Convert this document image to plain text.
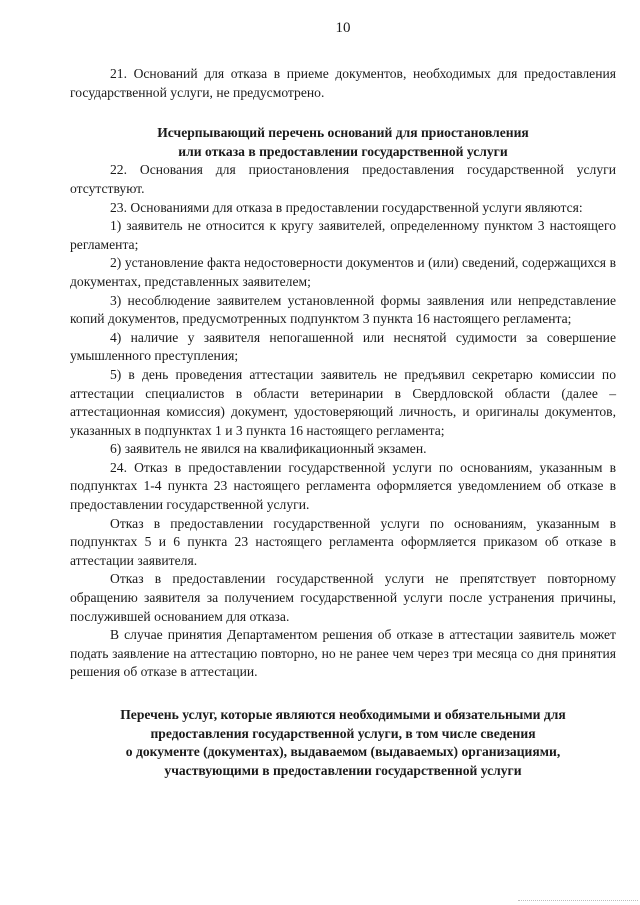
10

21. Оснований для отказа в приеме документов, необходимых для предоставления государственной услуги, не предусмотрено.

Исчерпывающий перечень оснований для приостановления
или отказа в предоставлении государственной услуги

22. Основания для приостановления предоставления государственной услуги отсутствуют.

23. Основаниями для отказа в предоставлении государственной услуги являются:

1) заявитель не относится к кругу заявителей, определенному пунктом 3 настоящего регламента;

2) установление факта недостоверности документов и (или) сведений, содержащихся в документах, представленных заявителем;

3) несоблюдение заявителем установленной формы заявления или непредставление копий документов, предусмотренных подпунктом 3 пункта 16 настоящего регламента;

4) наличие у заявителя непогашенной или неснятой судимости за совершение умышленного преступления;

5) в день проведения аттестации заявитель не предъявил секретарю комиссии по аттестации специалистов в области ветеринарии в Свердловской области (далее – аттестационная комиссия) документ, удостоверяющий личность, и оригиналы документов, указанных в подпунктах 1 и 3 пункта 16 настоящего регламента;

6) заявитель не явился на квалификационный экзамен.

24. Отказ в предоставлении государственной услуги по основаниям, указанным в подпунктах 1-4 пункта 23 настоящего регламента оформляется уведомлением об отказе в предоставлении государственной услуги.

Отказ в предоставлении государственной услуги по основаниям, указанным в подпунктах 5 и 6 пункта 23 настоящего регламента оформляется приказом об отказе в аттестации заявителя.

Отказ в предоставлении государственной услуги не препятствует повторному обращению заявителя за получением государственной услуги после устранения причины, послужившей основанием для отказа.

В случае принятия Департаментом решения об отказе в аттестации заявитель может подать заявление на аттестацию повторно, но не ранее чем через три месяца со дня принятия решения об отказе в аттестации.

Перечень услуг, которые являются необходимыми и обязательными для
предоставления государственной услуги, в том числе сведения
о документе (документах), выдаваемом (выдаваемых) организациями,
участвующими в предоставлении государственной услуги
